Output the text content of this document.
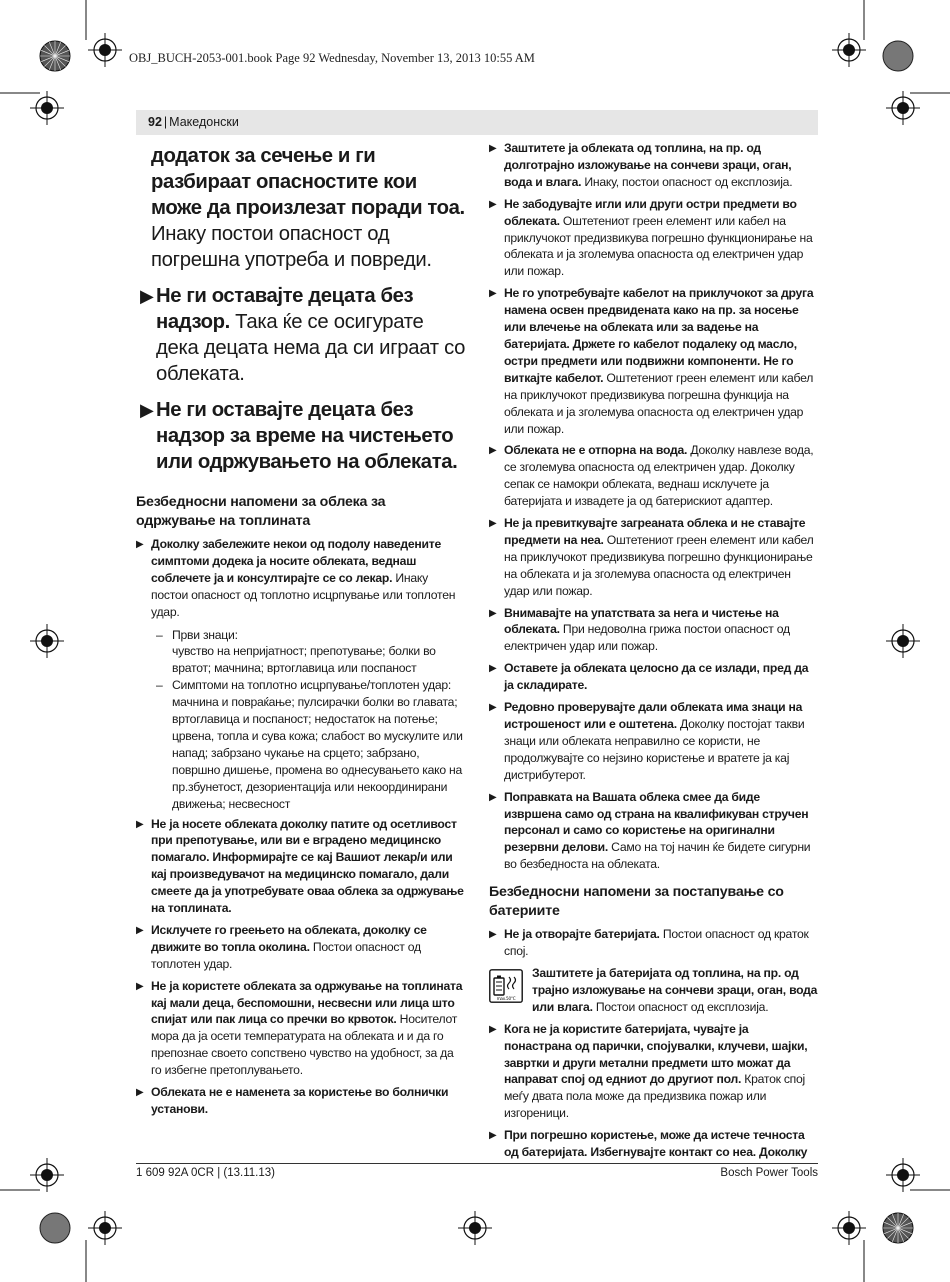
OBJ_BUCH-2053-001.book Page 92 Wednesday, November 13, 2013 10:55 AM
92 | Македонски

додаток за сечење и ги разбираат опасностите кои може да произлезат поради тоа. Инаку постои опасност од погрешна употреба и повреди.

▶ Не ги оставајте децата без надзор. Така ќе се осигурате дека децата нема да си играат со облеката.
▶ Не ги оставајте децата без надзор за време на чистењето или одржувањето на облеката.
Безбедносни напомени за облека за одржување на топлината
▶ Доколку забележите некои од подолу наведените симптоми додека ја носите облеката, веднаш соблечете ја и консултирајте се со лекар. Инаку постои опасност од топлотно исцрпување или топлотен удар.
– Први знаци:
чувство на непријатност; препотување; болки во вратот; мачнина; вртоглавица или поспаност
– Симптоми на топлотно исцрпување/топлотен удар: мачнина и повраќање; пулсирачки болки во главата; вртоглавица и поспаност; недостаток на потење; црвена, топла и сува кожа; слабост во мускулите или напад; забрзано чукање на срцето; забрзано, површно дишење, промена во однесувањето како на пр.збунетост, дезориентација или некоординирани движења; несвесност
▶ Не ја носете облеката доколку патите од осетливост при препотување, или ви е вградено медицинско помагало. Информирајте се кај Вашиот лекар/и или кај произведувачот на медицинско помагало, дали смеете да ја употребувате оваа облека за одржување на топлината.
▶ Исклучете го греењето на облеката, доколку се движите во топла околина. Постои опасност од топлотен удар.
▶ Не ја користете облеката за одржување на топлината кај мали деца, беспомошни, несвесни или лица што спијат или пак лица со пречки во крвоток. Носителот мора да ја осети температурата на облеката и и да го препознае своето сопствено чувство на удобност, за да го избегне претоплувањето.
▶ Облеката не е наменета за користење во болнички установи.
▶ Заштитете ја облеката од топлина, на пр. од долготрајно изложување на сончеви зраци, оган, вода и влага. Инаку, постои опасност од експлозија.
▶ Не забодувајте игли или други остри предмети во облеката. Оштетениот греен елемент или кабел на приклучокот предизвикува погрешно функционирање на облеката и ја зголемува опасноста од електричен удар или пожар.
▶ Не го употребувајте кабелот на приклучокот за друга намена освен предвидената како на пр. за носење или влечење на облеката или за вадење на батеријата. Држете го кабелот подалеку од масло, остри предмети или подвижни компоненти. Не го виткајте кабелот. Оштетениот греен елемент или кабел на приклучокот предизвикува погрешна функција на облеката и ја зголемува опасноста од електричен удар или пожар.
▶ Облеката не е отпорна на вода. Доколку навлезе вода, се зголемува опасноста од електричен удар. Доколку сепак се намокри облеката, веднаш исклучете ја батеријата и извадете ја од батерискиот адаптер.
▶ Не ја превиткувајте загреаната облека и не ставајте предмети на неа. Оштетениот греен елемент или кабел на приклучокот предизвикува погрешно функционирање на облеката и ја зголемува опасноста од електричен удар или пожар.
▶ Внимавајте на упатствата за нега и чистење на облеката. При недоволна грижа постои опасност од електричен удар или пожар.
▶ Оставете ја облеката целосно да се излади, пред да ја складирате.
▶ Редовно проверувајте дали облеката има знаци на истрошеност или е оштетена. Доколку постојат такви знаци или облеката неправилно се користи, не продолжувајте со нејзино користење и вратете ја кај дистрибутерот.
▶ Поправката на Вашата облека смее да биде извршена само од страна на квалификуван стручен персонал и само со користење на оригинални резервни делови. Само на тој начин ќе бидете сигурни во безбедноста на облеката.
Безбедносни напомени за постапување со батериите
▶ Не ја отворајте батеријата. Постои опасност од краток спој.
max.50°C
Заштитете ја батеријата од топлина, на пр. од трајно изложување на сончеви зраци, оган, вода или влага. Постои опасност од експлозија.
▶ Кога не ја користите батеријата, чувајте ја понастрана од парички, спојувалки, клучеви, шајки, завртки и други метални предмети што можат да направат спој од едниот до другиот пол. Краток спој меѓу двата пола може да предизвика пожар или изгореници.
▶ При погрешно користење, може да истече течноста од батеријата. Избегнувајте контакт со неа. Доколку
1 609 92A 0CR | (13.11.13)	Bosch Power Tools
